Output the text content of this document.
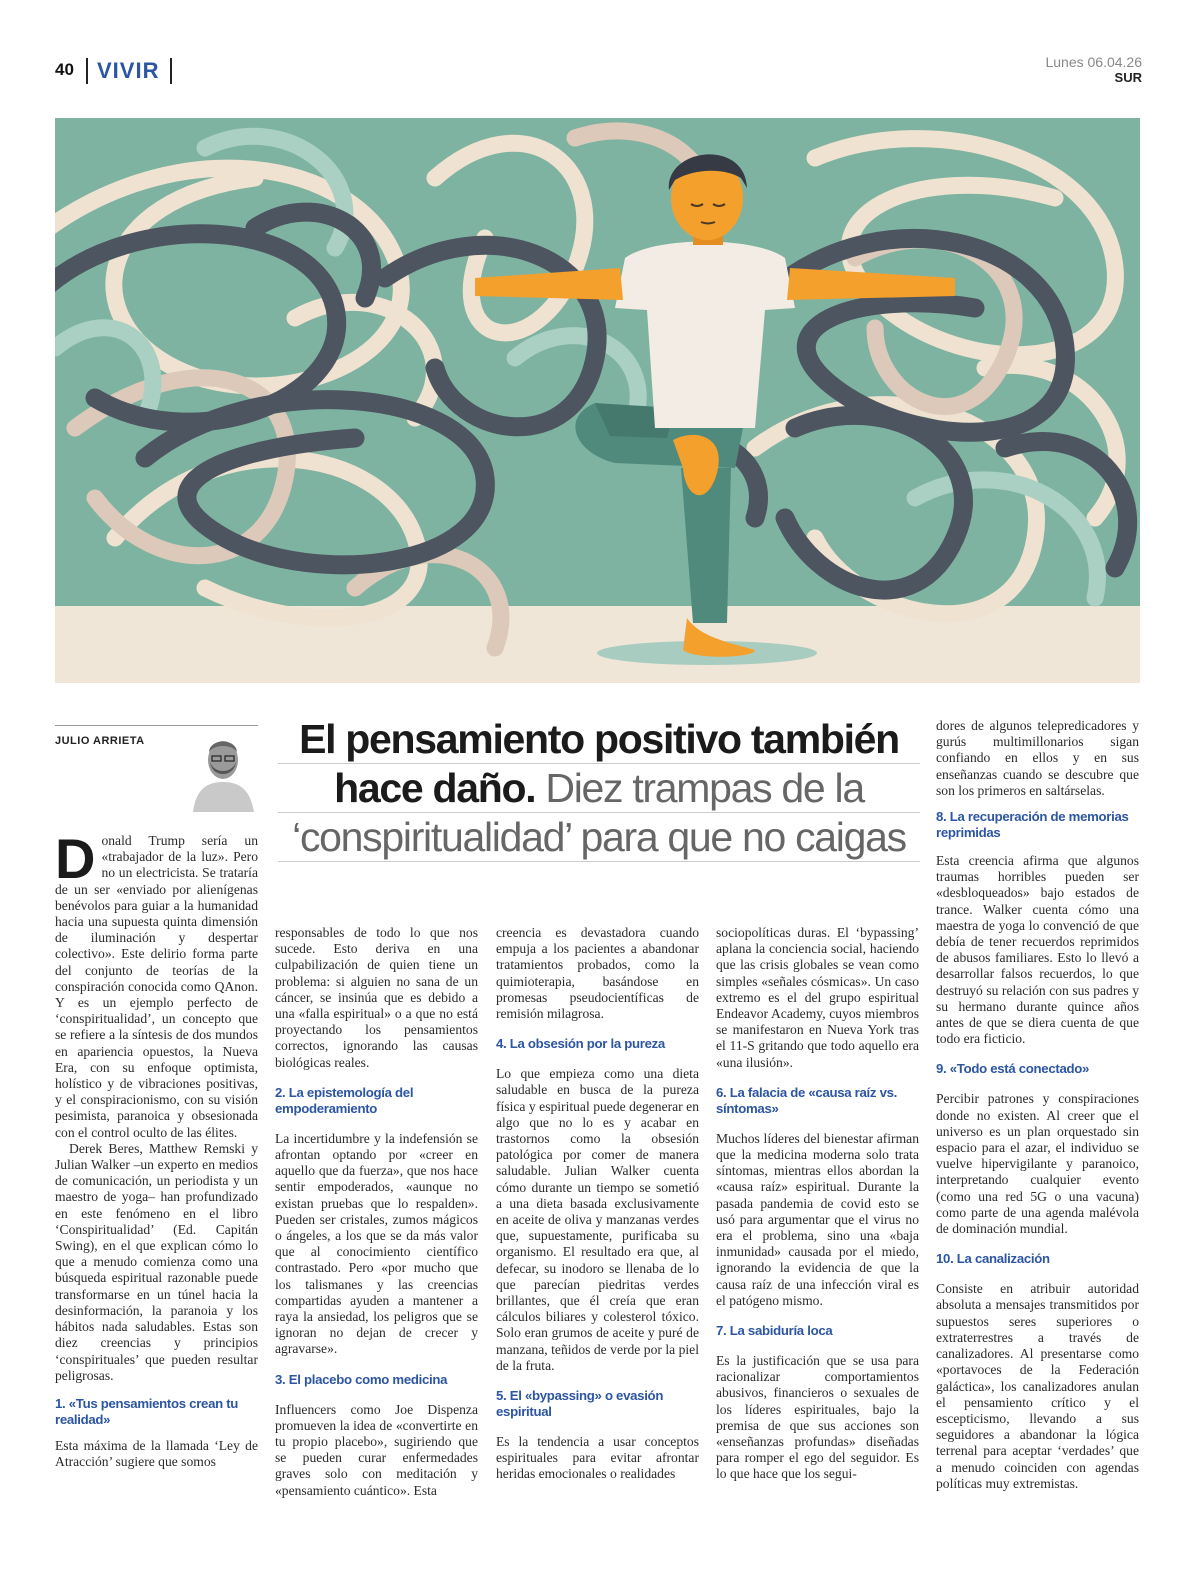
40 VIVIR	Lunes 06.04.26
SUR
JULIO ARRIETA	El pensamiento positivo también
hace daño. Diez trampas de la
‘conspiritualidad’ para que no caigas

Donald Trump sería un «trabajador de la luz». Pero no un electricista. Se trataría de un ser «enviado por alienígenas benévolos para guiar a la humanidad hacia una supuesta quinta dimensión de iluminación y despertar colectivo». Este delirio forma parte del conjunto de teorías de la conspiración conocida como QAnon. Y es un ejemplo perfecto de ‘conspiritualidad’, un concepto que se refiere a la síntesis de dos mundos en apariencia opuestos, la Nueva Era, con su enfoque optimista, holístico y de vibraciones positivas, y el conspiracionismo, con su visión pesimista, paranoica y obsesionada con el control oculto de las élites.

Derek Beres, Matthew Remski y Julian Walker –un experto en medios de comunicación, un periodista y un maestro de yoga– han profundizado en este fenómeno en el libro ‘Conspiritualidad’ (Ed. Capitán Swing), en el que explican cómo lo que a menudo comienza como una búsqueda espiritual razonable puede transformarse en un túnel hacia la desinformación, la paranoia y los hábitos nada saludables. Estas son diez creencias y principios ‘conspirituales’ que pueden resultar peligrosas.

1. «Tus pensamientos crean tu realidad»

Esta máxima de la llamada ‘Ley de Atracción’ sugiere que somos

responsables de todo lo que nos sucede. Esto deriva en una culpabilización de quien tiene un problema: si alguien no sana de un cáncer, se insinúa que es debido a una «falla espiritual» o a que no está proyectando los pensamientos correctos, ignorando las causas biológicas reales.

2. La epistemología del empoderamiento

La incertidumbre y la indefensión se afrontan optando por «creer en aquello que da fuerza», que nos hace sentir empoderados, «aunque no existan pruebas que lo respalden». Pueden ser cristales, zumos mágicos o ángeles, a los que se da más valor que al conocimiento científico contrastado. Pero «por mucho que los talismanes y las creencias compartidas ayuden a mantener a raya la ansiedad, los peligros que se ignoran no dejan de crecer y agravarse».

3. El placebo como medicina

Influencers como Joe Dispenza promueven la idea de «convertirte en tu propio placebo», sugiriendo que se pueden curar enfermedades graves solo con meditación y «pensamiento cuántico». Esta

creencia es devastadora cuando empuja a los pacientes a abandonar tratamientos probados, como la quimioterapia, basándose en promesas pseudocientíficas de remisión milagrosa.

4. La obsesión por la pureza

Lo que empieza como una dieta saludable en busca de la pureza física y espiritual puede degenerar en algo que no lo es y acabar en trastornos como la obsesión patológica por comer de manera saludable. Julian Walker cuenta cómo durante un tiempo se sometió a una dieta basada exclusivamente en aceite de oliva y manzanas verdes que, supuestamente, purificaba su organismo. El resultado era que, al defecar, su inodoro se llenaba de lo que parecían piedritas verdes brillantes, que él creía que eran cálculos biliares y colesterol tóxico. Solo eran grumos de aceite y puré de manzana, teñidos de verde por la piel de la fruta.

5. El «bypassing» o evasión espiritual

Es la tendencia a usar conceptos espirituales para evitar afrontar heridas emocionales o realidades

sociopolíticas duras. El ‘bypassing’ aplana la conciencia social, haciendo que las crisis globales se vean como simples «señales cósmicas». Un caso extremo es el del grupo espiritual Endeavor Academy, cuyos miembros se manifestaron en Nueva York tras el 11-S gritando que todo aquello era «una ilusión».

6. La falacia de «causa raíz vs. síntomas»

Muchos líderes del bienestar afirman que la medicina moderna solo trata síntomas, mientras ellos abordan la «causa raíz» espiritual. Durante la pasada pandemia de covid esto se usó para argumentar que el virus no era el problema, sino una «baja inmunidad» causada por el miedo, ignorando la evidencia de que la causa raíz de una infección viral es el patógeno mismo.

7. La sabiduría loca

Es la justificación que se usa para racionalizar comportamientos abusivos, financieros o sexuales de los líderes espirituales, bajo la premisa de que sus acciones son «enseñanzas profundas» diseñadas para romper el ego del seguidor. Es lo que hace que los segui-

dores de algunos telepredicadores y gurús multimillonarios sigan confiando en ellos y en sus enseñanzas cuando se descubre que son los primeros en saltárselas.

8. La recuperación de memorias reprimidas

Esta creencia afirma que algunos traumas horribles pueden ser «desbloqueados» bajo estados de trance. Walker cuenta cómo una maestra de yoga lo convenció de que debía de tener recuerdos reprimidos de abusos familiares. Esto lo llevó a desarrollar falsos recuerdos, lo que destruyó su relación con sus padres y su hermano durante quince años antes de que se diera cuenta de que todo era ficticio.

9. «Todo está conectado»

Percibir patrones y conspiraciones donde no existen. Al creer que el universo es un plan orquestado sin espacio para el azar, el individuo se vuelve hipervigilante y paranoico, interpretando cualquier evento (como una red 5G o una vacuna) como parte de una agenda malévola de dominación mundial.

10. La canalización

Consiste en atribuir autoridad absoluta a mensajes transmitidos por supuestos seres superiores o extraterrestres a través de canalizadores. Al presentarse como «portavoces de la Federación galáctica», los canalizadores anulan el pensamiento crítico y el escepticismo, llevando a sus seguidores a abandonar la lógica terrenal para aceptar ‘verdades’ que a menudo coinciden con agendas políticas muy extremistas.
